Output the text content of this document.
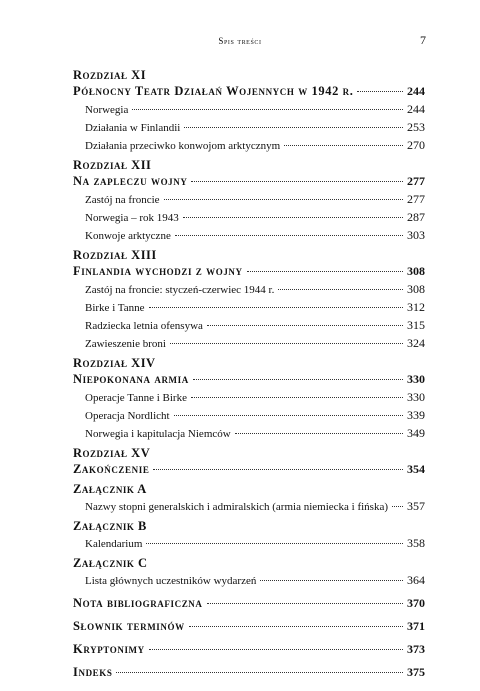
Spis treści	7
Rozdział XI
Północny Teatr Działań Wojennych w 1942 r.	244
Norwegia	244
Działania w Finlandii	253
Działania przeciwko konwojom arktycznym	270
Rozdział XII
Na zapleczu wojny	277
Zastój na froncie	277
Norwegia – rok 1943	287
Konwoje arktyczne	303
Rozdział XIII
Finlandia wychodzi z wojny	308
Zastój na froncie: styczeń-czerwiec 1944 r.	308
Birke i Tanne	312
Radziecka letnia ofensywa	315
Zawieszenie broni	324
Rozdział XIV
Niepokonana armia	330
Operacje Tanne i Birke	330
Operacja Nordlicht	339
Norwegia i kapitulacja Niemców	349
Rozdział XV
Zakończenie	354
Załącznik A
Nazwy stopni generalskich i admiralskich (armia niemiecka i fińska) 357
Załącznik B
Kalendarium	358
Załącznik C
Lista głównych uczestników wydarzeń	364
Nota bibliograficzna	370
Słownik terminów	371
Kryptonimy	373
Indeks	375
